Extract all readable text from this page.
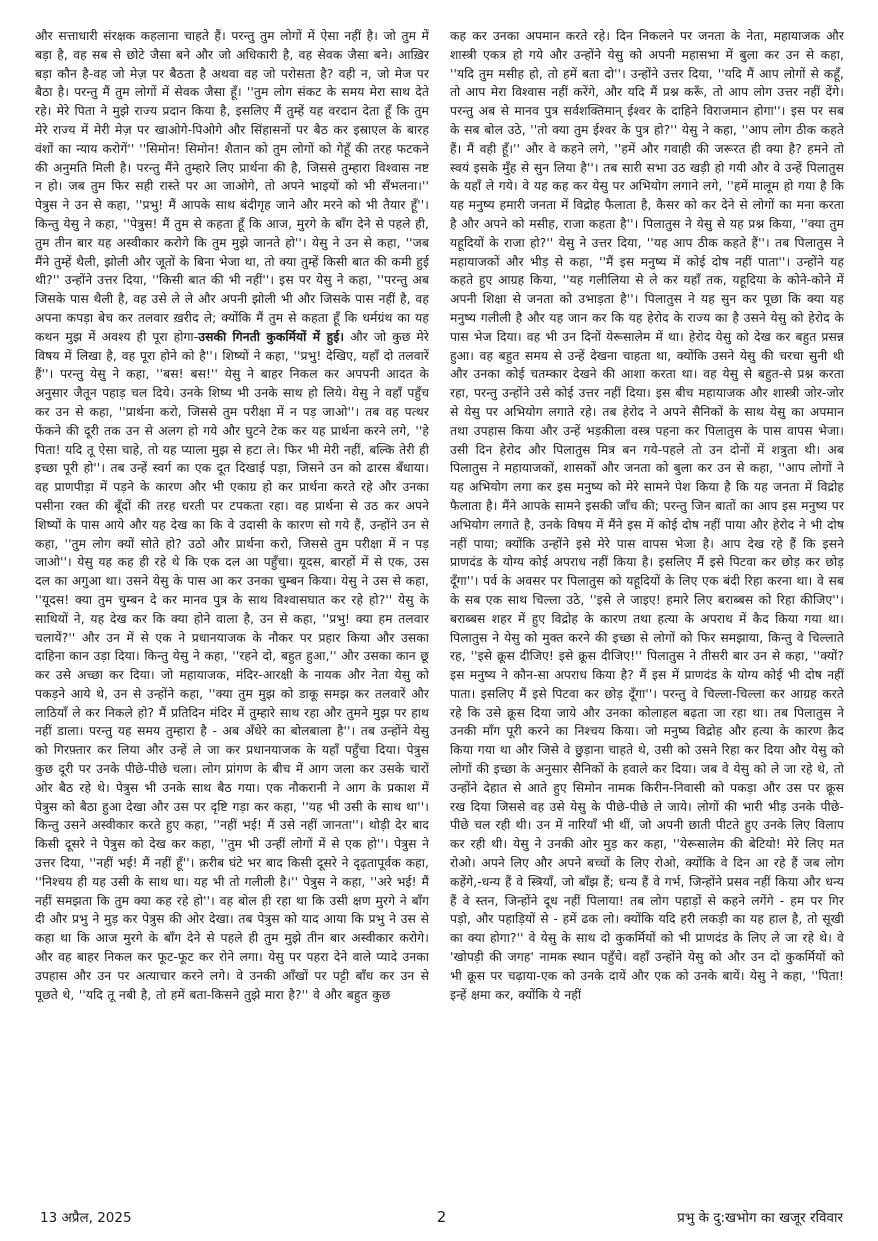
और सत्ताधारी संरक्षक कहलाना चाहते हैं। परन्तु तुम लोगों में ऐसा नहीं है। जो तुम में बड़ा है, वह सब से छोटे जैसा बने और जो अधिकारी है, वह सेवक जैसा बने। आख़िर बड़ा कौन है-वह जो मेज़ पर बैठता है अथवा वह जो परोसता है? वही न, जो मेज पर बैठा है। परन्तु मैं तुम लोगों में सेवक जैसा हूँ। ''तुम लोग संकट के समय मेरा साथ देते रहे। मेरे पिता ने मुझे राज्य प्रदान किया है, इसलिए मैं तुम्हें यह वरदान देता हूँ कि तुम मेरे राज्य में मेरी मेज़ पर खाओगे-पिओगे और सिंहासनों पर बैठ कर इस्राएल के बारह वंशों का न्याय करोगें'' ''सिमोन! सिमोन! शैतान को तुम लोगों को गेहूँ की तरह फटकने की अनुमति मिली है। परन्तु मैंने तुम्हारे लिए प्रार्थना की है, जिससे तुम्हारा विश्वास नष्ट न हो। जब तुम फिर सही रास्ते पर आ जाओगे, तो अपने भाइयों को भी सँभलना।'' पेत्रुस ने उन से कहा, ''प्रभु! मैं आपके साथ बंदीगृह जाने और मरने को भी तैयार हूँ''। किन्तु येसु ने कहा, ''पेत्रुस! मैं तुम से कहता हूँ कि आज, मुरगे के बाँग देने से पहले ही, तुम तीन बार यह अस्वीकार करोगे कि तुम मुझे जानते हो''। येसु ने उन से कहा, ''जब मैंने तुम्हें थैली, झोली और जूतों के बिना भेजा था, तो क्या तुम्हें किसी बात की कमी हुई थी?'' उन्होंने उत्तर दिया, ''किसी बात की भी नहीं''। इस पर येसु ने कहा, ''परन्तु अब जिसके पास थैली है, वह उसे ले ले और अपनी झोली भी और जिसके पास नहीं है, वह अपना कपड़ा बेच कर तलवार ख़रीद ले; क्योंकि मैं तुम से कहता हूँ कि धर्मग्रंथ का यह कथन मुझ में अवश्य ही पूरा होगा-उसकी गिनती कुकर्मियों में हुई। और जो कुछ मेरे विषय में लिखा है, वह पूरा होने को है''। शिष्यों ने कहा, ''प्रभु! देखिए, यहाँ दो तलवारें हैं''। परन्तु येसु ने कहा, ''बस! बस!'' येसु ने बाहर निकल कर अपपनी आदत के अनुसार जैतून पहाड़ चल दिये। उनके शिष्य भी उनके साथ हो लिये। येसु ने वहाँ पहुँच कर उन से कहा, ''प्रार्थना करो, जिससे तुम परीक्षा में न पड़ जाओ''। तब वह पत्थर फेंकने की दूरी तक उन से अलग हो गये और घुटने टेक कर यह प्रार्थना करने लगे, ''हे पिता! यदि तू ऐसा चाहे, तो यह प्याला मुझ से हटा ले। फिर भी मेरी नहीं, बल्कि तेरी ही इच्छा पूरी हो''। तब उन्हें स्वर्ग का एक दूत दिखाई पड़ा, जिसने उन को ढारस बँधाया। वह प्राणपीड़ा में पड़ने के कारण और भी एकाग्र हो कर प्रार्थना करते रहे और उनका पसीना रक्त की बूँदों की तरह धरती पर टपकता रहा। वह प्रार्थना से उठ कर अपने शिष्यों के पास आये और यह देख का कि वे उदासी के कारण सो गये हैं, उन्होंने उन से कहा, ''तुम लोग क्यों सोते हो? उठो और प्रार्थना करो, जिससे तुम परीक्षा में न पड़ जाओ''। येसु यह कह ही रहे थे कि एक दल आ पहुँचा। यूदस, बारहों में से एक, उस दल का अगुआ था। उसने येसु के पास आ कर उनका चुम्बन किया। येसु ने उस से कहा, ''यूदस! क्या तुम चुम्बन दे कर मानव पुत्र के साथ विश्वासघात कर रहे हो?'' येसु के साथियों ने, यह देख कर कि क्या होने वाला है, उन से कहा, ''प्रभु! क्या हम तलवार चलायें?'' और उन में से एक ने प्रधानयाजक के नौकर पर प्रहार किया और उसका दाहिना कान उड़ा दिया। किन्तु येसु ने कहा, ''रहने दो, बहुत हुआ,'' और उसका कान छू कर उसे अच्छा कर दिया। जो महायाजक, मंदिर-आरक्षी के नायक और नेता येसु को पकड़ने आये थे, उन से उन्होंने कहा, ''क्या तुम मुझ को डाकू समझ कर तलवारें और लाठियाँ ले कर निकले हो? मैं प्रतिदिन मंदिर में तुम्हारे साथ रहा और तुमने मुझ पर हाथ नहीं डाला। परन्तु यह समय तुम्हारा है - अब अँधेरे का बोलबाला है''। तब उन्होंने येसु को गिरफ़्तार कर लिया और उन्हें ले जा कर प्रधानयाजक के यहाँ पहुँचा दिया। पेत्रुस कुछ दूरी पर उनके पीछे-पीछे चला। लोग प्रांगण के बीच में आग जला कर उसके चारों ओर बैठ रहे थे। पेत्रुस भी उनके साथ बैठ गया। एक नौकरानी ने आग के प्रकाश में पेत्रुस को बैठा हुआ देखा और उस पर दृष्टि गड़ा कर कहा, ''यह भी उसी के साथ था''। किन्तु उसने अस्वीकार करते हुए कहा, ''नहीं भई! मैं उसे नहीं जानता''। थोड़ी देर बाद किसी दूसरे ने पेत्रुस को देख कर कहा, ''तुम भी उन्हीं लोगों में से एक हो''। पेत्रुस ने उत्तर दिया, ''नहीं भई! मैं नहीं हूँ''। क़रीब घंटे भर बाद किसी दूसरे ने दृढ़तापूर्वक कहा, ''निश्चय ही यह उसी के साथ था। यह भी तो गलीली है।'' पेत्रुस ने कहा, ''अरे भई! मैं नहीं समझता कि तुम क्या कह रहे हो''। वह बोल ही रहा था कि उसी क्षण मुरगे ने बाँग दी और प्रभु ने मुड़ कर पेत्रुस की ओर देखा। तब पेत्रुस को याद आया कि प्रभु ने उस से कहा था कि आज मुरगे के बाँग देने से पहले ही तुम मुझे तीन बार अस्वीकार करोगे। और वह बाहर निकल कर फूट-फूट कर रोने लगा। येसु पर पहरा देने वाले प्यादे उनका उपहास और उन पर अत्याचार करने लगे। वे उनकी आँखों पर पट्टी बाँध कर उन से पूछते थे, ''यदि तू नबी है, तो हमें बता-किसने तुझे मारा है?'' वे और बहुत कुछ
कह कर उनका अपमान करते रहे। दिन निकलने पर जनता के नेता, महायाजक और शास्त्री एकत्र हो गये और उन्होंने येसु को अपनी महासभा में बुला कर उन से कहा, ''यदि तुम मसीह हो, तो हमें बता दो''। उन्होंने उत्तर दिया, ''यदि मैं आप लोगों से कहूँ, तो आप मेरा विश्वास नहीं करेंगे, और यदि मैं प्रश्न करूँ, तो आप लोग उत्तर नहीं देंगे। परन्तु अब से मानव पुत्र सर्वशक्तिमान् ईश्वर के दाहिने विराजमान होगा''। इस पर सब के सब बोल उठे, ''तो क्या तुम ईश्वर के पुत्र हो?'' येसु ने कहा, ''आप लोग ठीक कहते हैं। मैं वही हूँ।'' और वे कहने लगे, ''हमें और गवाही की जरूरत ही क्या है? हमने तो स्वयं इसके मुँह से सुन लिया है''। तब सारी सभा उठ खड़ी हो गयी और वे उन्हें पिलातुस के यहाँ ले गये। वे यह कह कर येसु पर अभियोग लगाने लगे, ''हमें मालूम हो गया है कि यह मनुष्य हमारी जनता में विद्रोह फैलाता है, कैसर को कर देने से लोगों का मना करता है और अपने को मसीह, राजा कहता है''। पिलातुस ने येसु से यह प्रश्न किया, ''क्या तुम यहूदियों के राजा हो?'' येसु ने उत्तर दिया, ''यह आप ठीक कहते हैं''। तब पिलातुस ने महायाजकों और भीड़ से कहा, ''मैं इस मनुष्य में कोई दोष नहीं पाता''। उन्होंने यह कहते हुए आग्रह किया, ''यह गलीलिया से ले कर यहाँ तक, यहूदिया के कोने-कोने में अपनी शिक्षा से जनता को उभाड़ता है''। पिलातुस ने यह सुन कर पूछा कि क्या यह मनुष्य गलीली है और यह जान कर कि यह हेरोद के राज्य का है उसने येसु को हेरोद के पास भेज दिया। वह भी उन दिनों येरूसालेम में था। हेरोद येसु को देख कर बहुत प्रसन्न हुआ। वह बहुत समय से उन्हें देखना चाहता था, क्योंकि उसने येसु की चरचा सुनी थी और उनका कोई चतम्कार देखने की आशा करता था। वह येसु से बहुत-से प्रश्न करता रहा, परन्तु उन्होंने उसे कोई उत्तर नहीं दिया। इस बीच महायाजक और शास्त्री जोर-जोर से येसु पर अभियोग लगाते रहे। तब हेरोद ने अपने सैनिकों के साथ येसु का अपमान तथा उपहास किया और उन्हें भड़कीला वस्त्र पहना कर पिलातुस के पास वापस भेजा। उसी दिन हेरोद और पिलातुस मित्र बन गये-पहले तो उन दोनों में शत्रुता थी। अब पिलातुस ने महायाजकों, शासकों और जनता को बुला कर उन से कहा, ''आप लोगों ने यह अभियोग लगा कर इस मनुष्य को मेरे सामने पेश किया है कि यह जनता में विद्रोह फैलाता है। मैंने आपके सामने इसकी जाँच की; परन्तु जिन बातों का आप इस मनुष्य पर अभियोग लगाते है, उनके विषय में मैंने इस में कोई दोष नहीं पाया और हेरोद ने भी दोष नहीं पाया; क्योंकि उन्होंने इसे मेरे पास वापस भेजा है। आप देख रहे हैं कि इसने प्राणदंड के योग्य कोई अपराध नहीं किया है। इसलिए मैं इसे पिटवा कर छोड़ कर छोड़ दूँगा''। पर्व के अवसर पर पिलातुस को यहूदियों के लिए एक बंदी रिहा करना था। वे सब के सब एक साथ चिल्ला उठे, ''इसे ले जाइए! हमारे लिए बराब्बस को रिहा कीजिए''। बराब्बस शहर में हुए विद्रोह के कारण तथा हत्या के अपराध में कैद किया गया था। पिलातुस ने येसु को मुक्त करने की इच्छा से लोगों को फिर समझाया, किन्तु वे चिल्लाते रह, ''इसे क्रूस दीजिए! इसे क्रूस दीजिए!'' पिलातुस ने तीसरी बार उन से कहा, ''क्यों? इस मनुष्य ने कौन-सा अपराध किया है? मैं इस में प्राणदंड के योग्य कोई भी दोष नहीं पाता। इसलिए मैं इसे पिटवा कर छोड़ दूँगा''। परन्तु वे चिल्ला-चिल्ला कर आग्रह करते रहे कि उसे क्रूस दिया जाये और उनका कोलाहल बढ़ता जा रहा था। तब पिलातुस ने उनकी माँग पूरी करने का निश्चय किया। जो मनुष्य विद्रोह और हत्या के कारण क़ैद किया गया था और जिसे वे छुड़ाना चाहते थे, उसी को उसने रिहा कर दिया और येसु को लोगों की इच्छा के अनुसार सैनिकों के हवाले कर दिया। जब वे येसु को ले जा रहे थे, तो उन्होंने देहात से आते हुए सिमोन नामक किरीन-निवासी को पकड़ा और उस पर क्रूस रख दिया जिससे वह उसे येसु के पीछे-पीछे ले जाये। लोगों की भारी भीड़ उनके पीछे-पीछे चल रही थी। उन में नारियाँ भी थीं, जो अपनी छाती पीटते हुए उनके लिए विलाप कर रही थी। येसु ने उनकी ओर मुड़ कर कहा, ''येरूसालेम की बेटियो! मेरे लिए मत रोओ। अपने लिए और अपने बच्चों के लिए रोओ, क्योंकि वे दिन आ रहे हैं जब लोग कहेंगे,-धन्य हैं वे स्त्रियाँ, जो बाँझ हैं; धन्य हैं वे गर्भ, जिन्होंने प्रसव नहीं किया और धन्य हैं वे स्तन, जिन्होंने दूध नहीं पिलाया! तब लोग पहाड़ों से कहने लगेंगे - हम पर गिर पड़ो, और पहाड़ियों से - हमें ढक लो। क्योंकि यदि हरी लकड़ी का यह हाल है, तो सूखी का क्या होगा?'' वे येसु के साथ दो कुकर्मियों को भी प्राणदंड के लिए ले जा रहे थे। वे 'खोपड़ी की जगह' नामक स्थान पहुँचे। वहाँ उन्होंने येसु को और उन दो कुकर्मियों को भी क्रूस पर चढ़ाया-एक को उनके दायें और एक को उनके बायें। येसु ने कहा, ''पिता! इन्हें क्षमा कर, क्योंकि ये नहीं
13 अप्रैल, 2025	2	प्रभु के दु:खभोग का खजूर रविवार
